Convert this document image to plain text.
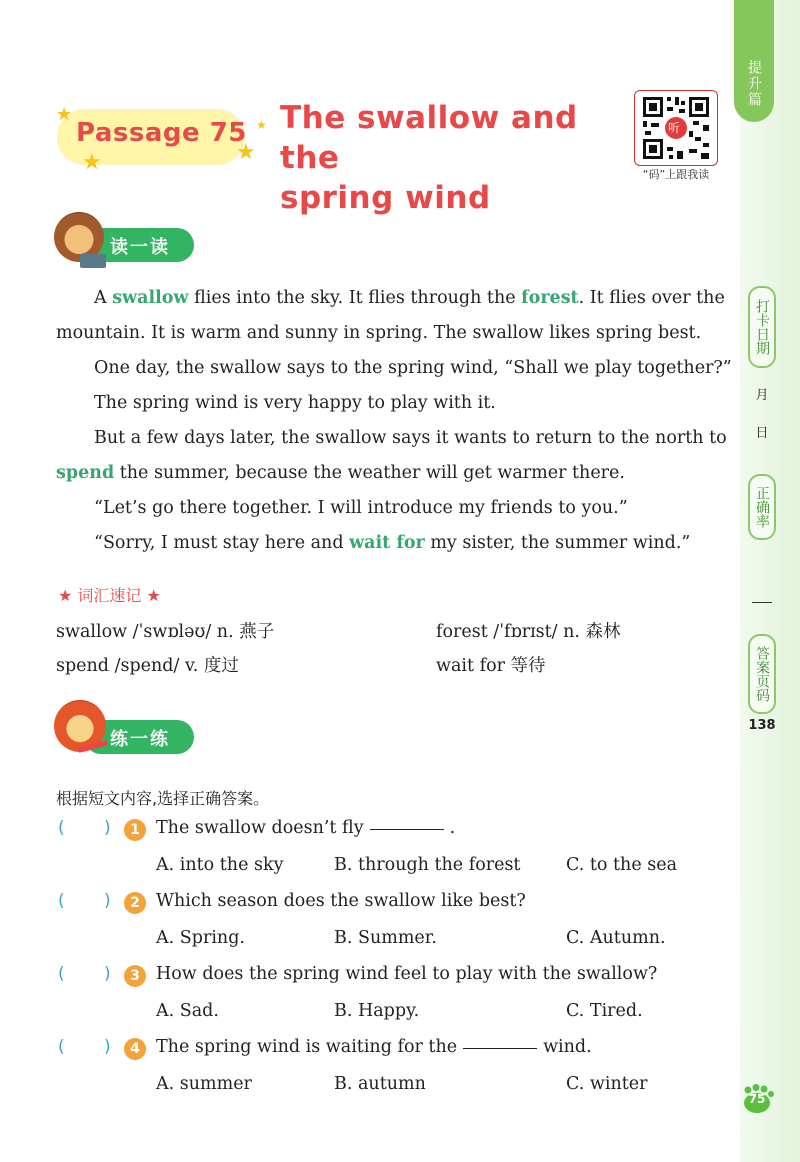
提升篇
打卡日期
月
日
正确率
答案页码
138
Passage 75
★
★	★
★ The swallow and the
spring wind
听
“码”上跟我读
读一读
A swallow flies into the sky. It flies through the forest. It flies over the
mountain. It is warm and sunny in spring. The swallow likes spring best.
One day, the swallow says to the spring wind, “Shall we play together?”
The spring wind is very happy to play with it.
But a few days later, the swallow says it wants to return to the north to
spend the summer, because the weather will get warmer there.
“Let’s go there together. I will introduce my friends to you.”
“Sorry, I must stay here and wait for my sister, the summer wind.”
★ 词汇速记 ★
swallow /ˈswɒləʊ/ n. 燕子	forest /ˈfɒrɪst/ n. 森林
spend /spend/ v. 度过	wait for 等待
练一练
根据短文内容,选择正确答案。
( )	1 The swallow doesn’t fly	.
A. into the sky	B. through the forest	C. to the sea
( )	2 Which season does the swallow like best?
A. Spring.	B. Summer.	C. Autumn.
( )	3 How does the spring wind feel to play with the swallow?
A. Sad.	B. Happy.	C. Tired.
( )	4 The spring wind is waiting for the	wind.
A. summer	B. autumn	C. winter
75
